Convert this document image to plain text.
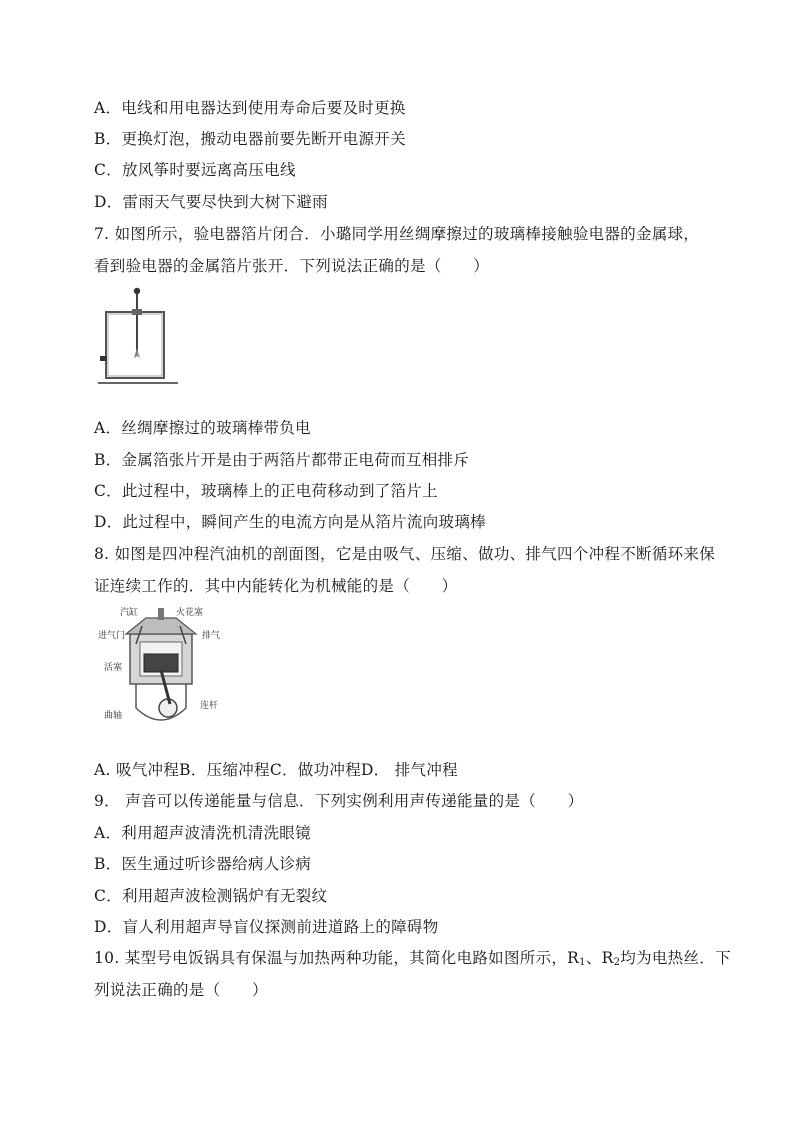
A．电线和用电器达到使用寿命后要及时更换
B．更换灯泡，搬动电器前要先断开电源开关
C．放风筝时要远离高压电线
D．雷雨天气要尽快到大树下避雨
7. 如图所示，验电器箔片闭合．小璐同学用丝绸摩擦过的玻璃棒接触验电器的金属球，
看到验电器的金属箔片张开．下列说法正确的是（　　）
A．丝绸摩擦过的玻璃棒带负电
B．金属箔张片开是由于两箔片都带正电荷而互相排斥
C．此过程中，玻璃棒上的正电荷移动到了箔片上
D．此过程中，瞬间产生的电流方向是从箔片流向玻璃棒
8. 如图是四冲程汽油机的剖面图，它是由吸气、压缩、做功、排气四个冲程不断循环来保
证连续工作的．其中内能转化为机械能的是（　　）
汽缸	火花塞
进气门	排气
活塞
连杆
曲轴
A. 吸气冲程B．压缩冲程C．做功冲程D． 排气冲程
9． 声音可以传递能量与信息．下列实例利用声传递能量的是（　　）
A．利用超声波清洗机清洗眼镜
B．医生通过听诊器给病人诊病
C．利用超声波检测锅炉有无裂纹
D．盲人利用超声导盲仪探测前进道路上的障碍物
10. 某型号电饭锅具有保温与加热两种功能，其简化电路如图所示，$R_1$、$R_2$均为电热丝．下
列说法正确的是（　　）
